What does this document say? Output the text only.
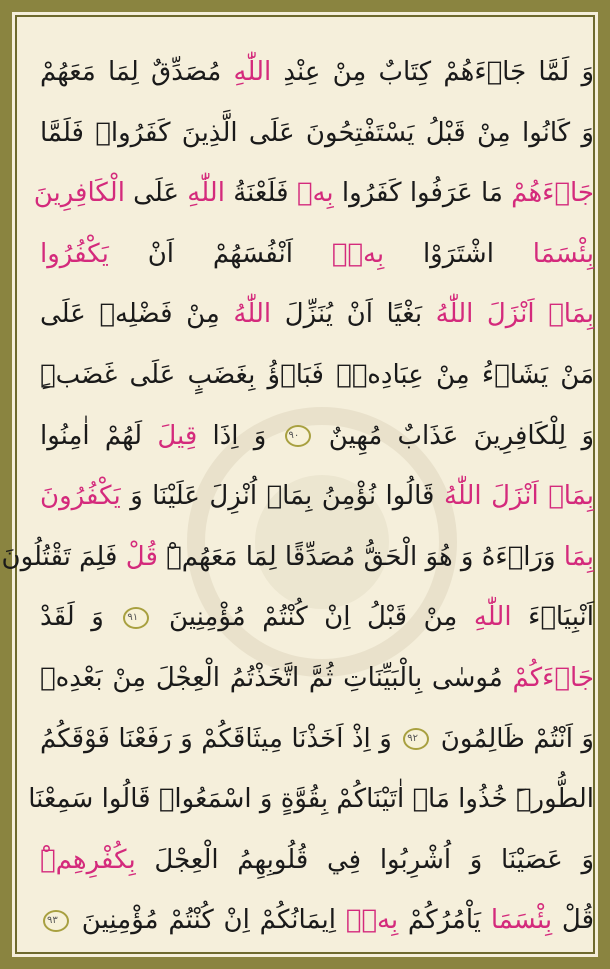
وَ لَمَّا جَاۤءَهُمْ كِتَابٌ مِنْ عِنْدِ اللّٰهِ مُصَدِّقٌ لِمَا مَعَهُمْ
وَ كَانُوا مِنْ قَبْلُ يَسْتَفْتِحُونَ عَلَى الَّذِينَ كَفَرُواۚ فَلَمَّا
جَاۤءَهُمْ مَا عَرَفُوا كَفَرُوا بِهٖ فَلَعْنَةُ اللّٰهِ عَلَى الْكَافِرِينَ
بِئْسَمَا اشْتَرَوْا بِهٖۤ اَنْفُسَهُمْ اَنْ يَكْفُرُوا
بِمَاۤ اَنْزَلَ اللّٰهُ بَغْيًا اَنْ يُنَزِّلَ اللّٰهُ مِنْ فَضْلِهٖ عَلَى
مَنْ يَشَاۤءُ مِنْ عِبَادِهٖۚ فَبَاۤؤُ بِغَضَبٍ عَلَى غَضَبٍۜ
وَ لِلْكَافِرِينَ عَذَابٌ مُهِينٌ ٩٠ وَ اِذَا قِيلَ لَهُمْ اٰمِنُوا
بِمَاۤ اَنْزَلَ اللّٰهُ قَالُوا نُؤْمِنُ بِمَاۤ اُنْزِلَ عَلَيْنَا وَ يَكْفُرُونَ
بِمَا وَرَاۤءَهُ وَ هُوَ الْحَقُّ مُصَدِّقًا لِمَا مَعَهُمْۜ قُلْ فَلِمَ تَقْتُلُونَ
اَنْبِيَاۤءَ اللّٰهِ مِنْ قَبْلُ اِنْ كُنْتُمْ مُؤْمِنِينَ ٩١ وَ لَقَدْ
جَاۤءَكُمْ مُوسٰى بِالْبَيِّنَاتِ ثُمَّ اتَّخَذْتُمُ الْعِجْلَ مِنْ بَعْدِهٖ
وَ اَنْتُمْ ظَالِمُونَ ٩٢ وَ اِذْ اَخَذْنَا مِيثَاقَكُمْ وَ رَفَعْنَا فَوْقَكُمُ
الطُّورَۜ خُذُوا مَاۤ اٰتَيْنَاكُمْ بِقُوَّةٍ وَ اسْمَعُواۜ قَالُوا سَمِعْنَا
وَ عَصَيْنَا وَ اُشْرِبُوا فِي قُلُوبِهِمُ الْعِجْلَ بِكُفْرِهِمْۜ
قُلْ بِئْسَمَا يَاْمُرُكُمْ بِهٖۤ اِيمَانُكُمْ اِنْ كُنْتُمْ مُؤْمِنِينَ ٩٣
